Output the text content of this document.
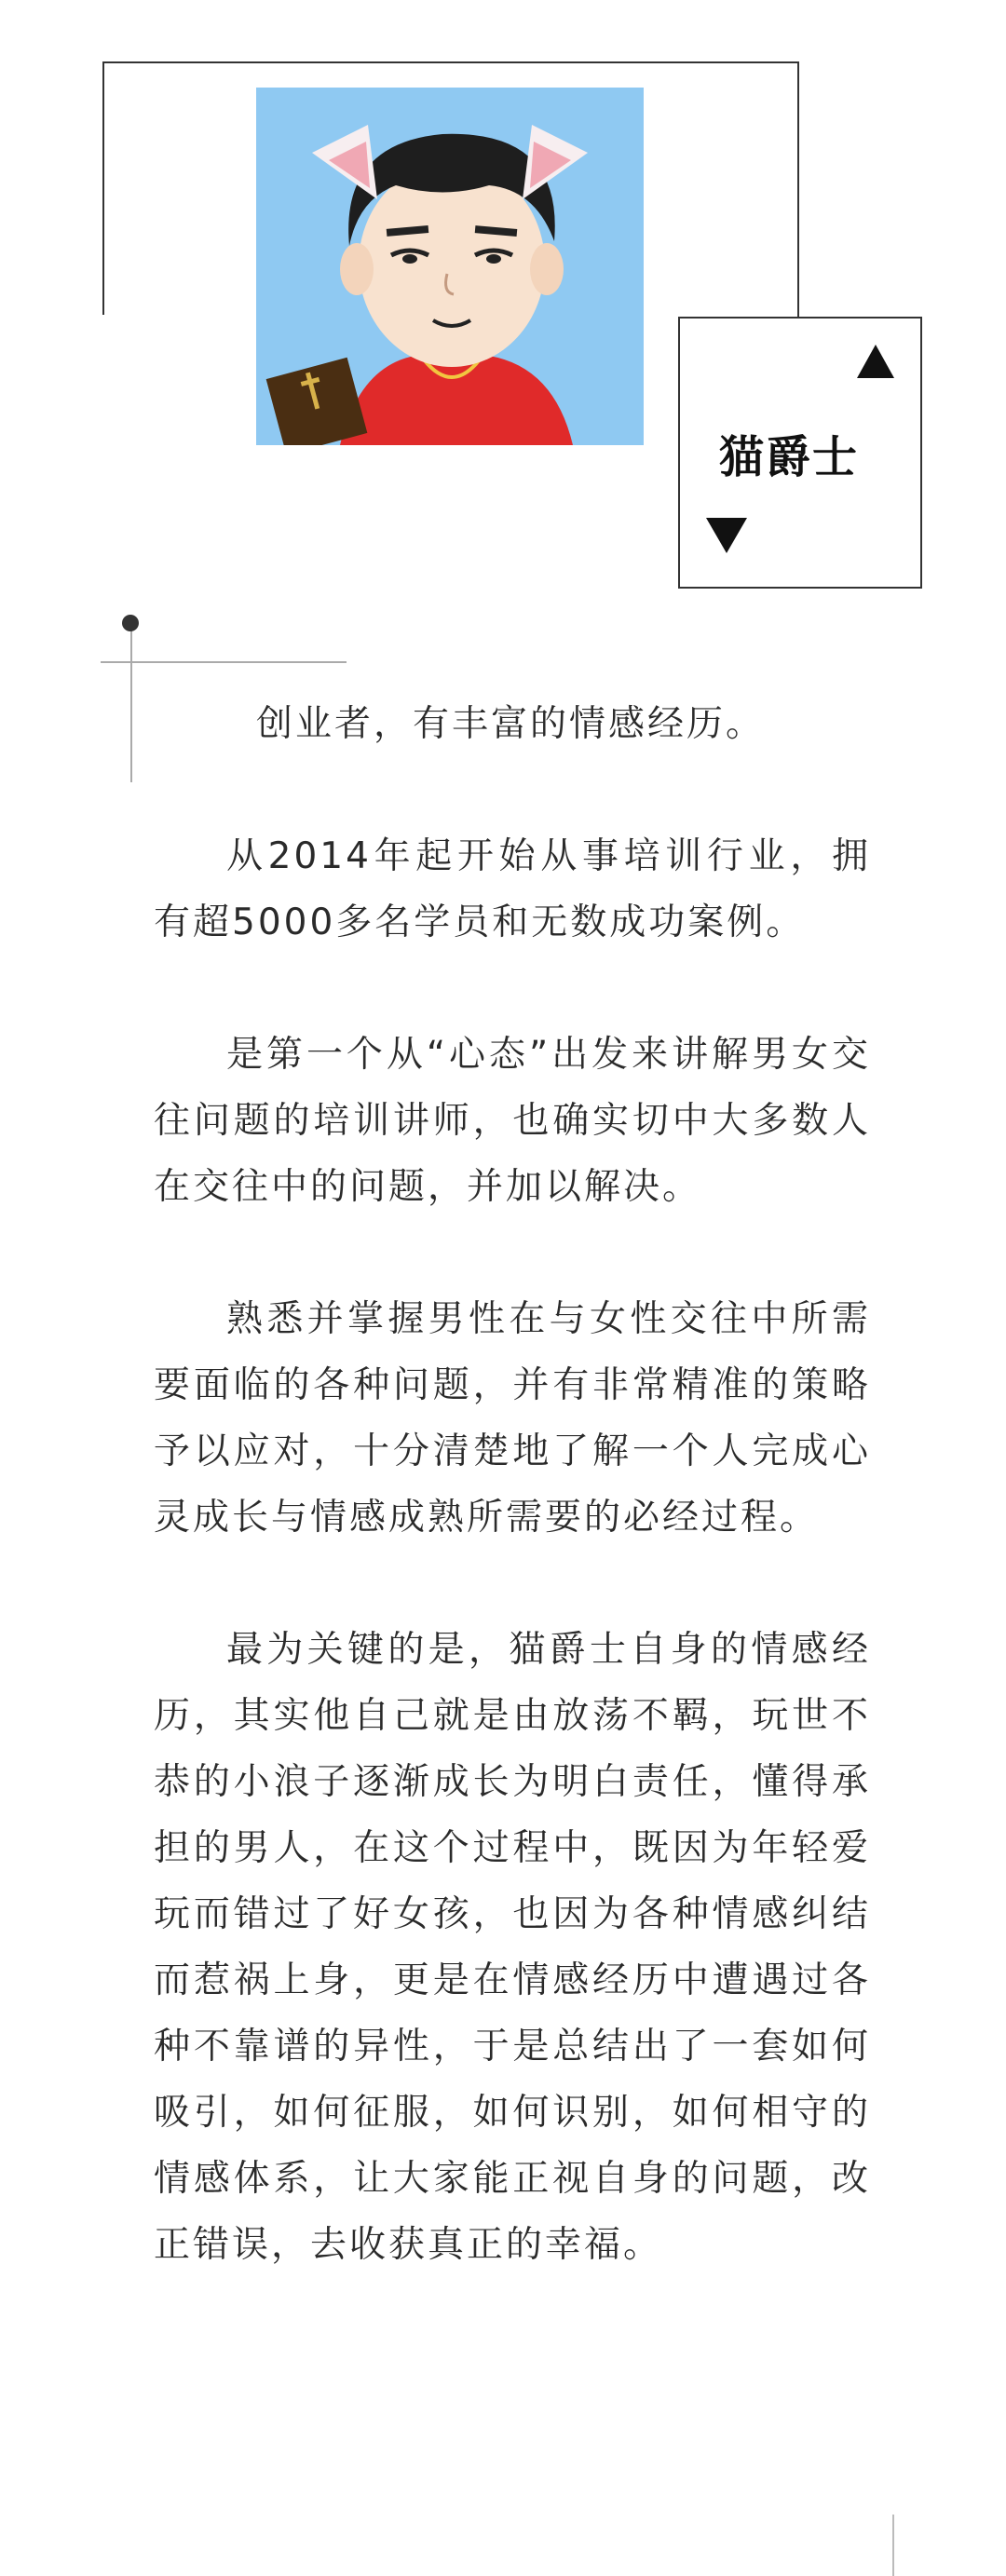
猫爵士

创业者，有丰富的情感经历。

从2014年起开始从事培训行业，拥有超5000多名学员和无数成功案例。

是第一个从“心态”出发来讲解男女交往问题的培训讲师，也确实切中大多数人在交往中的问题，并加以解决。

熟悉并掌握男性在与女性交往中所需要面临的各种问题，并有非常精准的策略予以应对，十分清楚地了解一个人完成心灵成长与情感成熟所需要的必经过程。

最为关键的是，猫爵士自身的情感经历，其实他自己就是由放荡不羁，玩世不恭的小浪子逐渐成长为明白责任，懂得承担的男人，在这个过程中，既因为年轻爱玩而错过了好女孩，也因为各种情感纠结而惹祸上身，更是在情感经历中遭遇过各种不靠谱的异性，于是总结出了一套如何吸引，如何征服，如何识别，如何相守的情感体系，让大家能正视自身的问题，改正错误，去收获真正的幸福。
